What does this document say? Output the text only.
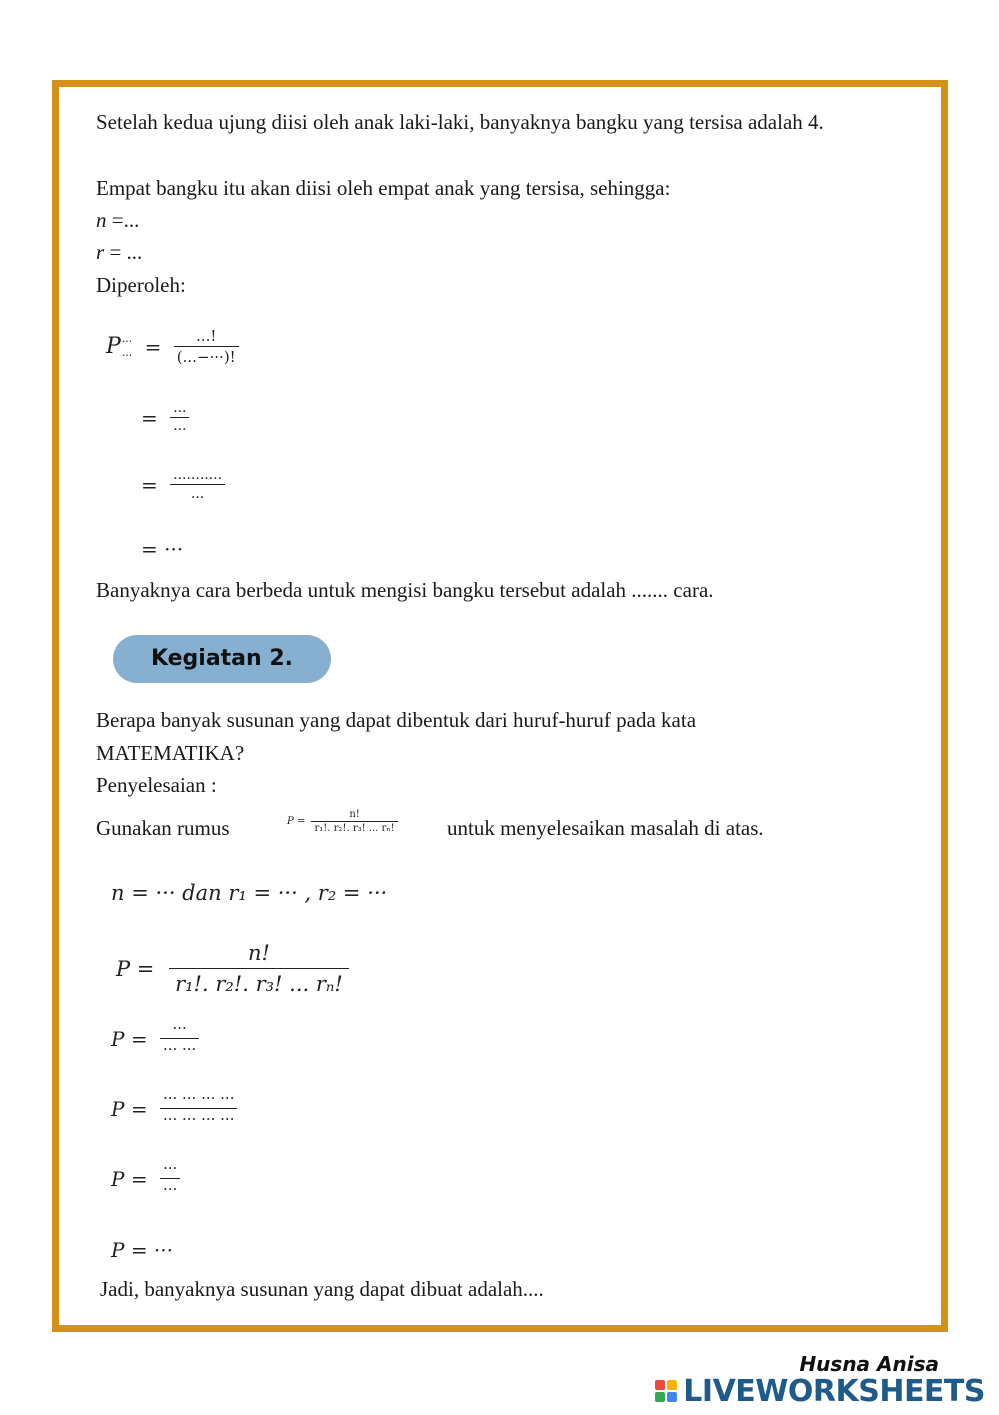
Setelah kedua ujung diisi oleh anak laki-laki, banyaknya bangku yang tersisa adalah 4.
Empat bangku itu akan diisi oleh empat anak yang tersisa, sehingga:
n =...
r = ...
Diperoleh:
P ···
... = $\frac{...!}{(...-\cdot\cdot\cdot)!}$
= $\frac{...}{...}$
= $\frac{...........}{...}$
= ···
Banyaknya cara berbeda untuk mengisi bangku tersebut adalah ....... cara.
Kegiatan 2.
Berapa banyak susunan yang dapat dibentuk dari huruf-huruf pada kata
MATEMATIKA?
Penyelesaian :
Gunakan rumus	$P = \frac{n!}{\text{r₁!. r₂!. r₃! ... rₙ!}}$ untuk menyelesaikan masalah di atas.
n = ··· dan r₁ = ··· , r₂ = ···
$P = \frac{n!}{\text{r₁!. r₂!. r₃! ... rₙ!}}$
$P = \frac{\cdot\cdot\cdot}{\cdot\cdot\cdot \cdot\cdot\cdot}$
$P = \frac{\cdot\cdot\cdot \cdot\cdot\cdot \cdot\cdot\cdot \cdot\cdot\cdot}{\cdot\cdot\cdot \cdot\cdot\cdot \cdot\cdot\cdot \cdot\cdot\cdot}$
$P = \frac{\cdot\cdot\cdot}{\cdot\cdot\cdot}$
P = ···
Jadi, banyaknya susunan yang dapat dibuat adalah....
Husna Anisa
LIVEWORKSHEETS
